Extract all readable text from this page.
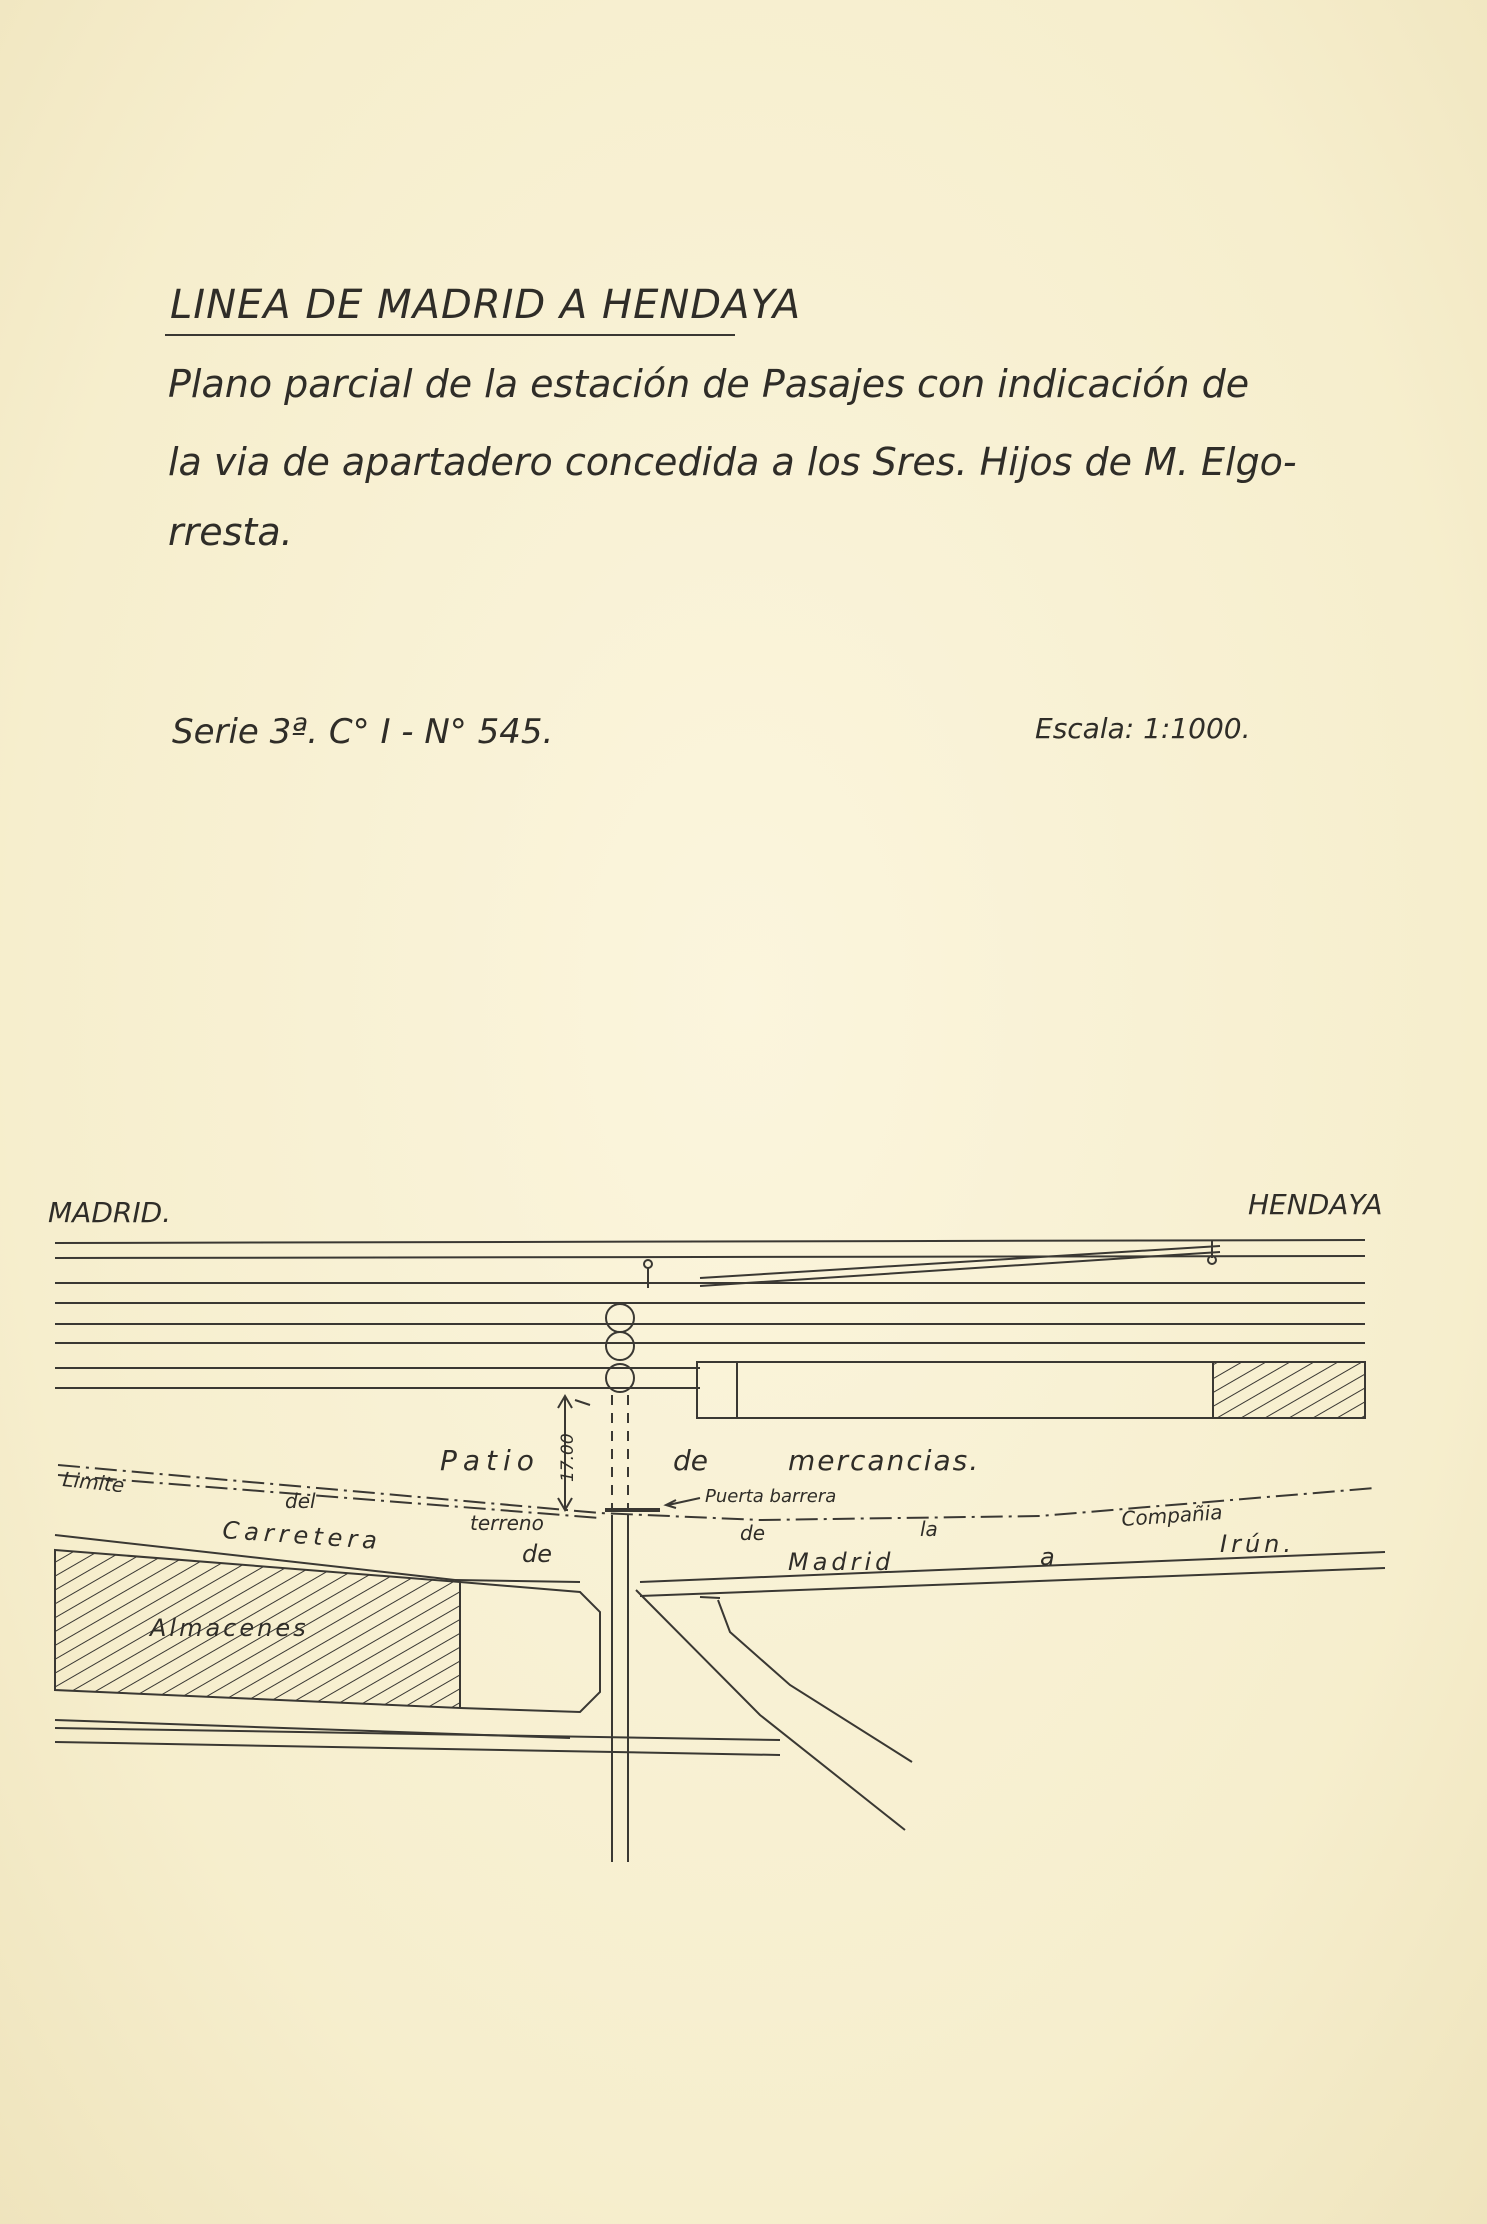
LINEA DE MADRID A HENDAYA
Plano parcial de la estación de Pasajes con indicación de
la via de apartadero concedida a los Sres. Hijos de M. Elgo-
rresta.
Serie 3ª. C° I - N° 545.	Escala: 1:1000.
MADRID.	HENDAYA
17.00
Patio	de	mercancias.
Puerta barrera
Limite
del
terreno	de	la	Compañia
Carretera	de	Madrid	a	Irún.
Almacenes
